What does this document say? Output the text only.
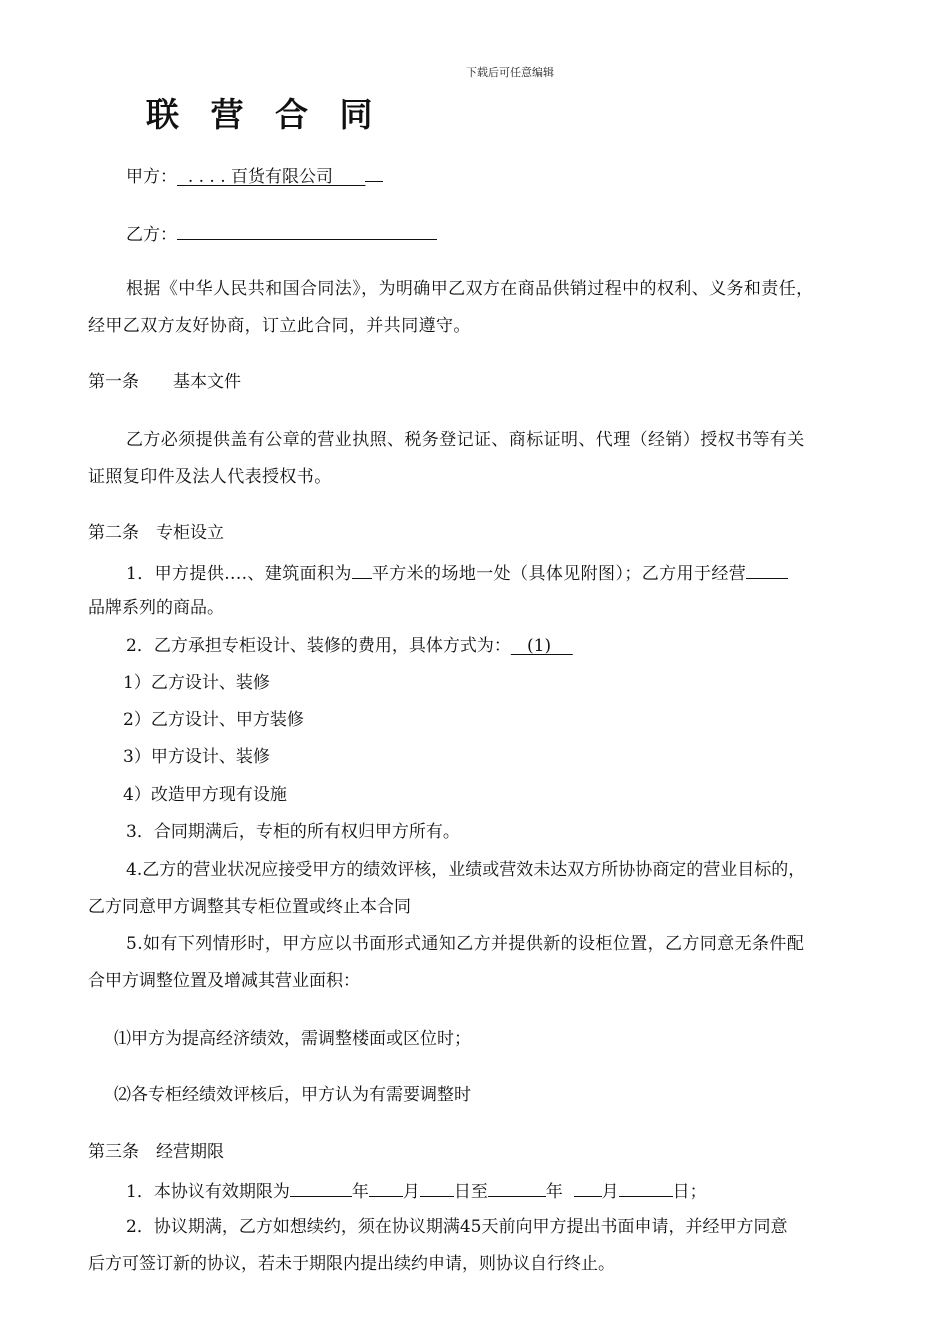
下载后可任意编辑
联 营 合 同
甲方： . . . . 百货有限公司
乙方：
根据《中华人民共和国合同法》，为明确甲乙双方在商品供销过程中的权利、义务和责任，
经甲乙双方友好协商，订立此合同，并共同遵守。
第一条 基本文件
乙方必须提供盖有公章的营业执照、税务登记证、商标证明、代理（经销）授权书等有关
证照复印件及法人代表授权书。
第二条　专柜设立
1．甲方提供....、建筑面积为 平方米的场地一处（具体见附图）；乙方用于经营
品牌系列的商品。
2．乙方承担专柜设计、装修的费用，具体方式为： (1)
1）乙方设计、装修
2）乙方设计、甲方装修
3）甲方设计、装修
4）改造甲方现有设施
3．合同期满后，专柜的所有权归甲方所有。
4.乙方的营业状况应接受甲方的绩效评核，业绩或营效未达双方所协协商定的营业目标的，
乙方同意甲方调整其专柜位置或终止本合同
5.如有下列情形时，甲方应以书面形式通知乙方并提供新的设柜位置，乙方同意无条件配
合甲方调整位置及增减其营业面积：
⑴甲方为提高经济绩效，需调整楼面或区位时；
⑵各专柜经绩效评核后，甲方认为有需要调整时
第三条　经营期限
1．本协议有效期限为	年 月 日至	年 月	日；
2．协议期满，乙方如想续约，须在协议期满45天前向甲方提出书面申请，并经甲方同意
后方可签订新的协议，若未于期限内提出续约申请，则协议自行终止。
